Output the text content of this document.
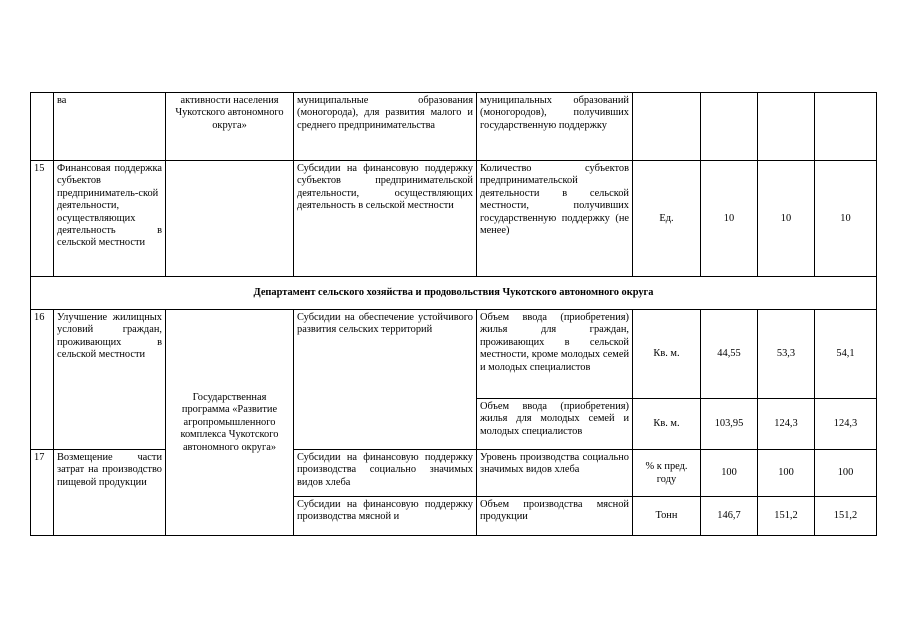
	ва	активности населения Чукотского автономного округа»	муниципальные образования (моногорода), для развития малого и среднего предпринимательства	муниципальных образований (моногородов), получивших государственную поддержку				
15	Финансовая поддержка субъектов предприниматель-ской деятельности, осуществляющих деятельность в сельской местности		Субсидии на финансовую поддержку субъектов предпринимательской деятельности, осуществляющих деятельность в сельской местности	Количество субъектов предпринимательской деятельности в сельской местности, получивших государственную поддержку (не менее)	Ед.	10	10	10
Департамент сельского хозяйства и продовольствия Чукотского автономного округа								
16	Улучшение жилищных условий граждан, проживающих в сельской местности	Государственная программа «Развитие агропромышленного комплекса Чукотского автономного округа»	Субсидии на обеспечение устойчивого развития сельских территорий	Объем ввода (приобретения) жилья для граждан, проживающих в сельской местности, кроме молодых семей и молодых специалистов	Кв. м.	44,55	53,3	54,1
				Объем ввода (приобретения) жилья для молодых семей и молодых специалистов	Кв. м.	103,95	124,3	124,3
17	Возмещение части затрат на производство пищевой продукции		Субсидии на финансовую поддержку производства социально значимых видов хлеба	Уровень производства социально значимых видов хлеба	% к пред. году	100	100	100
			Субсидии на финансовую поддержку производства мясной и	Объем производства мясной продукции	Тонн	146,7	151,2	151,2
